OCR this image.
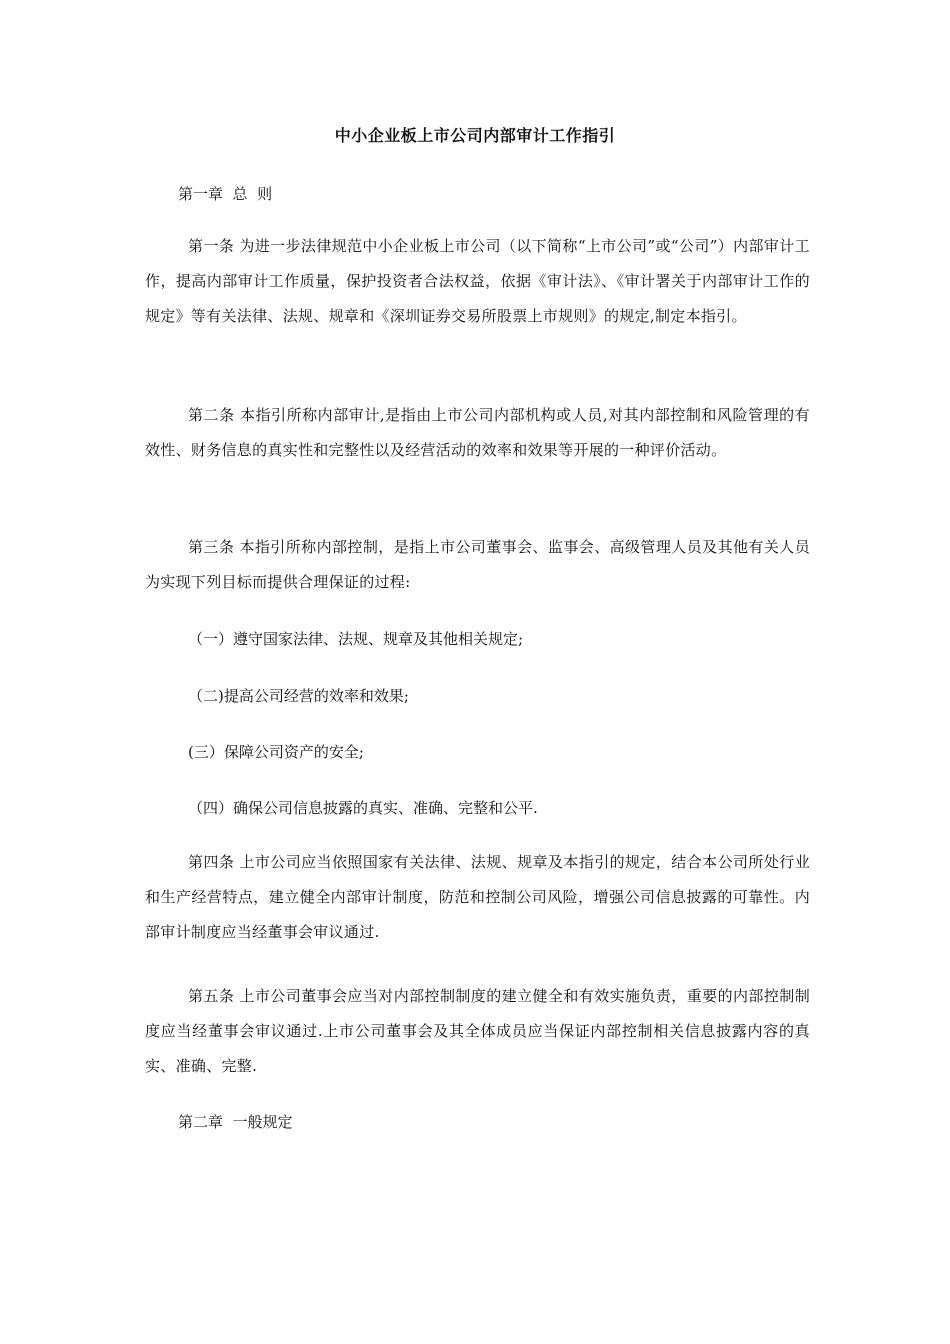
中小企业板上市公司内部审计工作指引
第一章  总  则
第一条 为进一步法律规范中小企业板上市公司（以下简称“上市公司”或“公司”）内部审计工作，提高内部审计工作质量，保护投资者合法权益，依据《审计法》、《审计署关于内部审计工作的规定》等有关法律、法规、规章和《深圳证券交易所股票上市规则》的规定,制定本指引。
第二条 本指引所称内部审计,是指由上市公司内部机构或人员,对其内部控制和风险管理的有效性、财务信息的真实性和完整性以及经营活动的效率和效果等开展的一种评价活动。
第三条 本指引所称内部控制，是指上市公司董事会、监事会、高级管理人员及其他有关人员为实现下列目标而提供合理保证的过程:
（一）遵守国家法律、法规、规章及其他相关规定;
（二)提高公司经营的效率和效果;
(三）保障公司资产的安全;
（四）确保公司信息披露的真实、准确、完整和公平.
第四条 上市公司应当依照国家有关法律、法规、规章及本指引的规定，结合本公司所处行业和生产经营特点，建立健全内部审计制度，防范和控制公司风险，增强公司信息披露的可靠性。内部审计制度应当经董事会审议通过.
第五条 上市公司董事会应当对内部控制制度的建立健全和有效实施负责，重要的内部控制制度应当经董事会审议通过.上市公司董事会及其全体成员应当保证内部控制相关信息披露内容的真实、准确、完整.
第二章  一般规定
